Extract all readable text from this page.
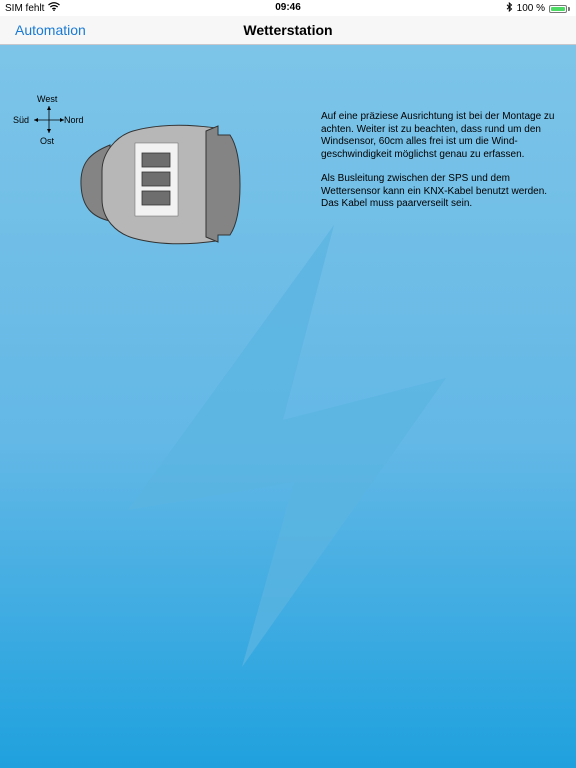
SIM fehlt	09:46	100 %
Automation	Wetterstation
West
Süd	Nord
Ost

Auf eine präziese Ausrichtung ist bei der Montage zu achten. Weiter ist zu beachten, dass rund um den Windsensor, 60cm alles frei ist um die Wind-geschwindigkeit möglichst genau zu erfassen.

Als Busleitung zwischen der SPS und dem Wettersensor kann ein KNX-Kabel benutzt werden. Das Kabel muss paarverseilt sein.
